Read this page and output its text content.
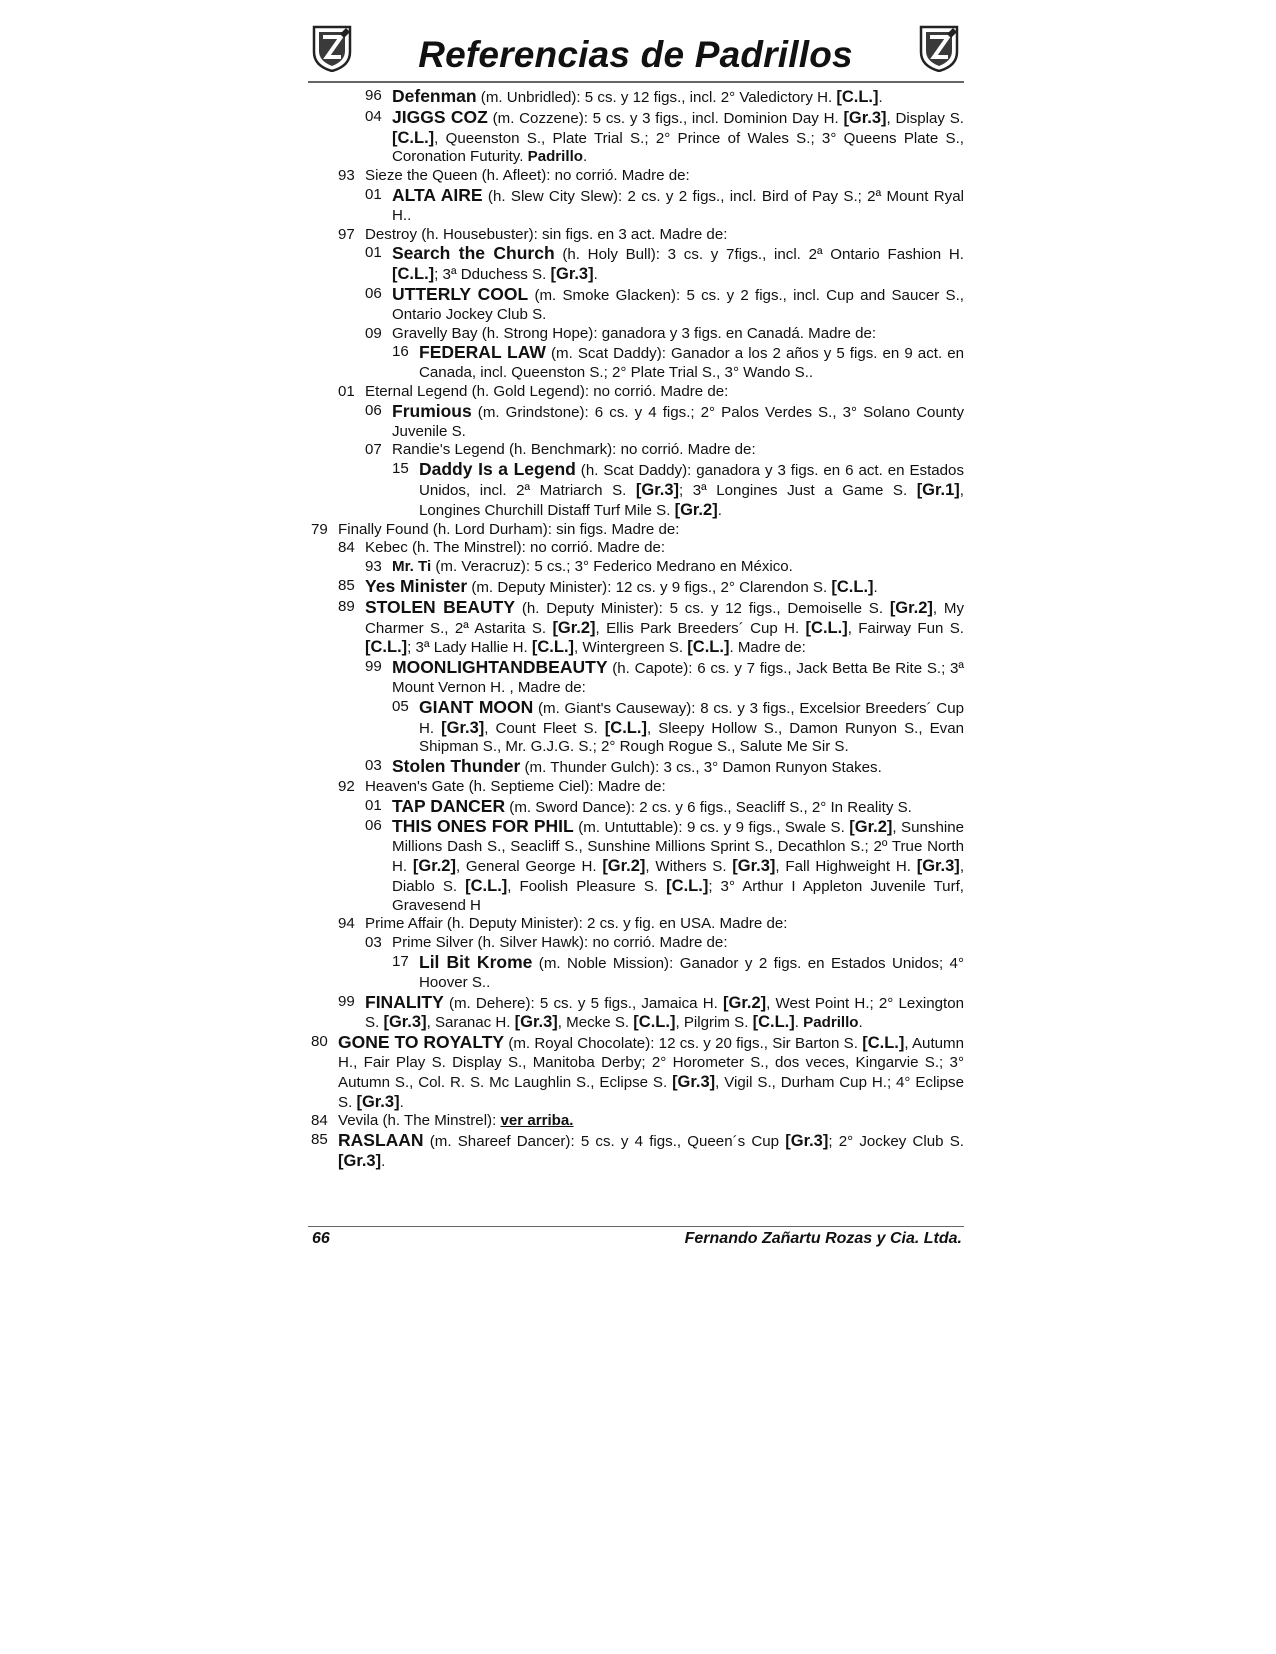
Referencias de Padrillos
96 Defenman (m. Unbridled): 5 cs. y 12 figs., incl. 2° Valedictory H. [C.L.].
04 JIGGS COZ (m. Cozzene): 5 cs. y 3 figs., incl. Dominion Day H. [Gr.3], Display S. [C.L.], Queenston S., Plate Trial S.; 2° Prince of Wales S.; 3° Queens Plate S., Coronation Futurity. Padrillo.
93 Sieze the Queen (h. Afleet): no corrió. Madre de:
01 ALTA AIRE (h. Slew City Slew): 2 cs. y 2 figs., incl. Bird of Pay S.; 2ª Mount Ryal H..
97 Destroy (h. Housebuster): sin figs. en 3 act. Madre de:
01 Search the Church (h. Holy Bull): 3 cs. y 7figs., incl. 2ª Ontario Fashion H. [C.L.]; 3ª Dduchess S. [Gr.3].
06 UTTERLY COOL (m. Smoke Glacken): 5 cs. y 2 figs., incl. Cup and Saucer S., Ontario Jockey Club S.
09 Gravelly Bay (h. Strong Hope): ganadora y 3 figs. en Canadá. Madre de:
16 FEDERAL LAW (m. Scat Daddy): Ganador a los 2 años y 5 figs. en 9 act. en Canada, incl. Queenston S.; 2° Plate Trial S., 3° Wando S..
01 Eternal Legend (h. Gold Legend): no corrió. Madre de:
06 Frumious (m. Grindstone): 6 cs. y 4 figs.; 2° Palos Verdes S., 3° Solano County Juvenile S.
07 Randie's Legend (h. Benchmark): no corrió. Madre de:
15 Daddy Is a Legend (h. Scat Daddy): ganadora y 3 figs. en 6 act. en Estados Unidos, incl. 2ª Matriarch S. [Gr.3]; 3ª Longines Just a Game S. [Gr.1], Longines Churchill Distaff Turf Mile S. [Gr.2].
79 Finally Found (h. Lord Durham): sin figs. Madre de:
84 Kebec (h. The Minstrel): no corrió. Madre de:
93 Mr. Ti (m. Veracruz): 5 cs.; 3° Federico Medrano en México.
85 Yes Minister (m. Deputy Minister): 12 cs. y 9 figs., 2° Clarendon S. [C.L.].
89 STOLEN BEAUTY (h. Deputy Minister): 5 cs. y 12 figs., Demoiselle S. [Gr.2], My Charmer S., 2ª Astarita S. [Gr.2], Ellis Park Breeders´ Cup H. [C.L.], Fairway Fun S. [C.L.]; 3ª Lady Hallie H. [C.L.], Wintergreen S. [C.L.]. Madre de:
99 MOONLIGHTANDBEAUTY (h. Capote): 6 cs. y 7 figs., Jack Betta Be Rite S.; 3ª Mount Vernon H. , Madre de:
05 GIANT MOON (m. Giant's Causeway): 8 cs. y 3 figs., Excelsior Breeders´ Cup H. [Gr.3], Count Fleet S. [C.L.], Sleepy Hollow S., Damon Runyon S., Evan Shipman S., Mr. G.J.G. S.; 2° Rough Rogue S., Salute Me Sir S.
03 Stolen Thunder (m. Thunder Gulch): 3 cs., 3° Damon Runyon Stakes.
92 Heaven's Gate (h. Septieme Ciel): Madre de:
01 TAP DANCER (m. Sword Dance): 2 cs. y 6 figs., Seacliff S., 2° In Reality S.
06 THIS ONES FOR PHIL (m. Untuttable): 9 cs. y 9 figs., Swale S. [Gr.2], Sunshine Millions Dash S., Seacliff S., Sunshine Millions Sprint S., Decathlon S.; 2º True North H. [Gr.2], General George H. [Gr.2], Withers S. [Gr.3], Fall Highweight H. [Gr.3], Diablo S. [C.L.], Foolish Pleasure S. [C.L.]; 3° Arthur I Appleton Juvenile Turf, Gravesend H
94 Prime Affair (h. Deputy Minister): 2 cs. y fig. en USA. Madre de:
03 Prime Silver (h. Silver Hawk): no corrió. Madre de:
17 Lil Bit Krome (m. Noble Mission): Ganador y 2 figs. en Estados Unidos; 4° Hoover S..
99 FINALITY (m. Dehere): 5 cs. y 5 figs., Jamaica H. [Gr.2], West Point H.; 2° Lexington S. [Gr.3], Saranac H. [Gr.3], Mecke S. [C.L.], Pilgrim S. [C.L.]. Padrillo.
80 GONE TO ROYALTY (m. Royal Chocolate): 12 cs. y 20 figs., Sir Barton S. [C.L.], Autumn H., Fair Play S. Display S., Manitoba Derby; 2° Horometer S., dos veces, Kingarvie S.; 3° Autumn S., Col. R. S. Mc Laughlin S., Eclipse S. [Gr.3], Vigil S., Durham Cup H.; 4° Eclipse S. [Gr.3].
84 Vevila (h. The Minstrel): ver arriba.
85 RASLAAN (m. Shareef Dancer): 5 cs. y 4 figs., Queen´s Cup [Gr.3]; 2° Jockey Club S. [Gr.3].
66	Fernando Zañartu Rozas y Cia. Ltda.
